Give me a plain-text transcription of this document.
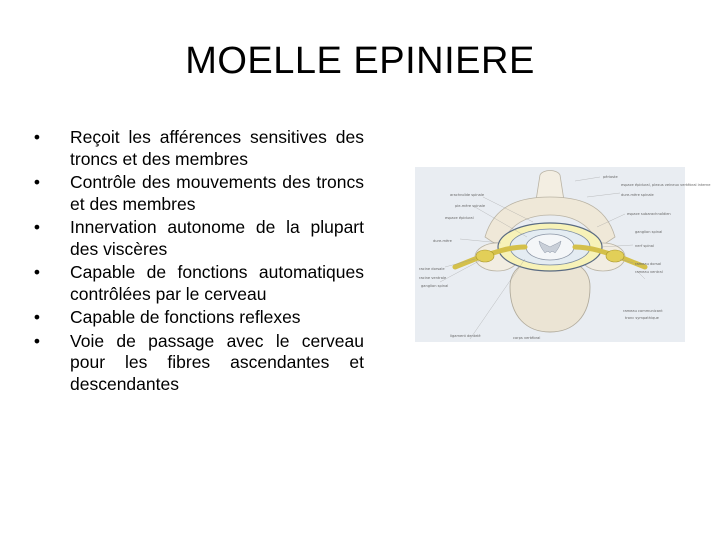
MOELLE EPINIERE
• Reçoit les afférences sensitives des troncs et des membres
• Contrôle des mouvements des troncs et des membres
• Innervation autonome de la plupart des viscères
• Capable de fonctions automatiques contrôlées par le cerveau
• Capable de fonctions reflexes
• Voie de passage avec le cerveau pour les fibres ascendantes et descendantes
arachnoïde spinale
pie-mère spinale
dure-mère
racine dorsale
ganglion spinal
racine ventrale
ligament dentelé
espace épidural
corps vertébral
périoste
espace épidural, plexus veineux vertébral interne
dure-mère spinale
espace subarachnoïdien
ganglion spinal
nerf spinal
rameau dorsal
rameau ventral
rameau communicant
tronc sympathique
